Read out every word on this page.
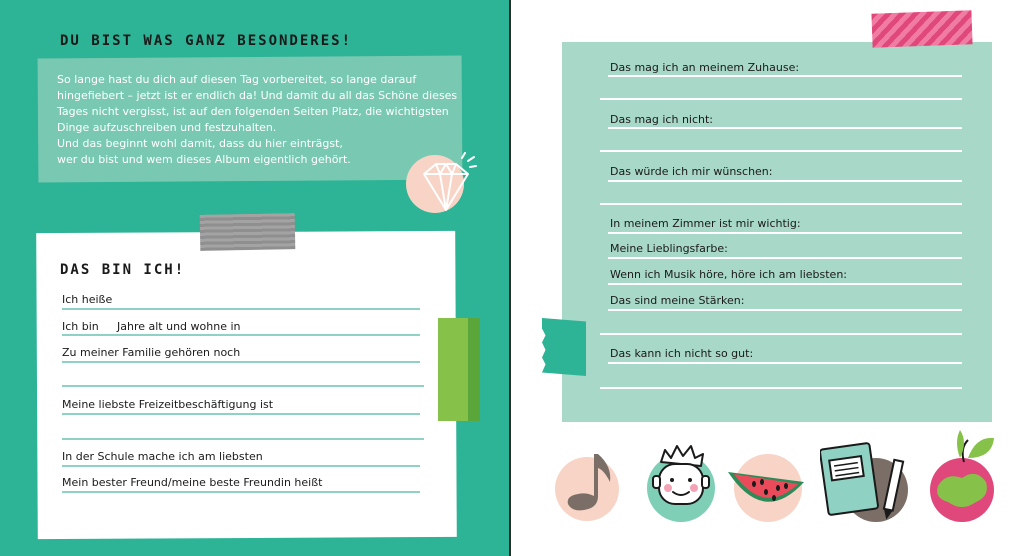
DU BIST WAS GANZ BESONDERES!
So lange hast du dich auf diesen Tag vorbereitet, so lange darauf
hingefiebert – jetzt ist er endlich da! Und damit du all das Schöne dieses
Tages nicht vergisst, ist auf den folgenden Seiten Platz, die wichtigsten
Dinge aufzuschreiben und festzuhalten.
Und das beginnt wohl damit, dass du hier einträgst,
wer du bist und wem dieses Album eigentlich gehört.
DAS BIN ICH!
Ich heiße
Ich bin Jahre alt und wohne in
Zu meiner Familie gehören noch
Meine liebste Freizeitbeschäftigung ist
In der Schule mache ich am liebsten
Mein bester Freund/meine beste Freundin heißt
Das mag ich an meinem Zuhause:
Das mag ich nicht:
Das würde ich mir wünschen:
In meinem Zimmer ist mir wichtig:
Meine Lieblingsfarbe:
Wenn ich Musik höre, höre ich am liebsten:
Das sind meine Stärken:
Das kann ich nicht so gut:
